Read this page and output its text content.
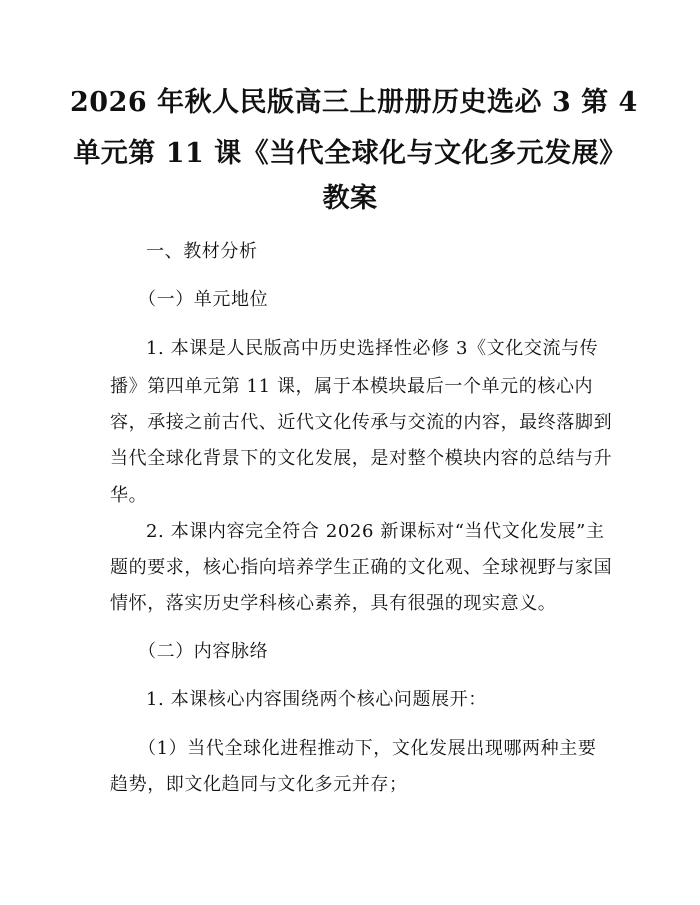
2026 年秋人民版高三上册册历史选必 3 第 4
单元第 11 课《当代全球化与文化多元发展》
教案
一、教材分析
（一）单元地位
1. 本课是人民版高中历史选择性必修 3《文化交流与传
播》第四单元第 11 课，属于本模块最后一个单元的核心内
容，承接之前古代、近代文化传承与交流的内容，最终落脚到
当代全球化背景下的文化发展，是对整个模块内容的总结与升
华。
2. 本课内容完全符合 2026 新课标对“当代文化发展”主
题的要求，核心指向培养学生正确的文化观、全球视野与家国
情怀，落实历史学科核心素养，具有很强的现实意义。
（二）内容脉络
1. 本课核心内容围绕两个核心问题展开：
（1）当代全球化进程推动下，文化发展出现哪两种主要
趋势，即文化趋同与文化多元并存；
